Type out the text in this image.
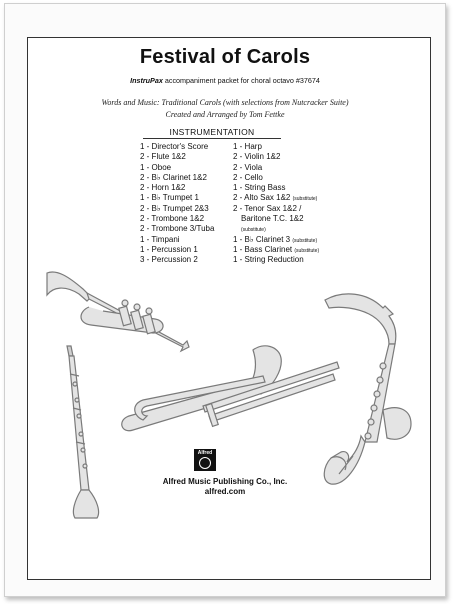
Festival of Carols
InstruPax accompaniment packet for choral octavo #37674
Words and Music: Traditional Carols (with selections from Nutcracker Suite)
Created and Arranged by Tom Fettke
INSTRUMENTATION
1 - Director's Score
2 - Flute 1&2
1 - Oboe
2 - B♭ Clarinet 1&2
2 - Horn 1&2
1 - B♭ Trumpet 1
2 - B♭ Trumpet 2&3
2 - Trombone 1&2
2 - Trombone 3/Tuba
1 - Timpani
1 - Percussion 1
3 - Percussion 2
1 - Harp
2 - Violin 1&2
2 - Viola
2 - Cello
1 - String Bass
2 - Alto Sax 1&2 (substitute)
2 - Tenor Sax 1&2 /
Baritone T.C. 1&2
(substitute)
1 - B♭ Clarinet 3 (substitute)
1 - Bass Clarinet (substitute)
1 - String Reduction
Alfred
Alfred Music Publishing Co., Inc.
alfred.com
